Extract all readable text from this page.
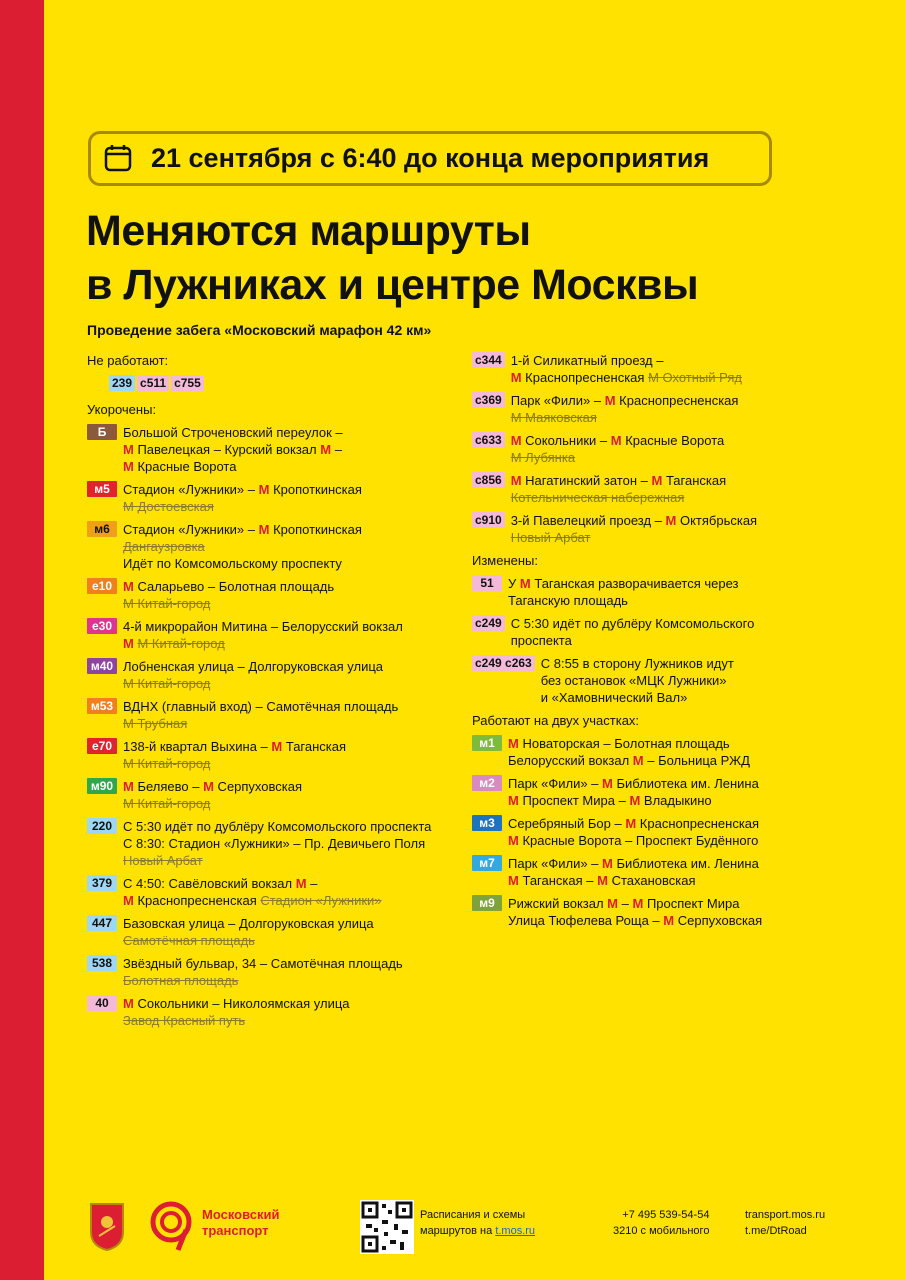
21 сентября с 6:40 до конца мероприятия
Меняются маршруты
в Лужниках и центре Москвы
Проведение забега «Московский марафон 42 км»
Не работают:
239 с511 с755
Укорочены:
Б	Большой Строченовский переулок –
М Павелецкая – Курский вокзал М –
М Красные Ворота
м5	Стадион «Лужники» – М Кропоткинская
М Достоевская
м6	Стадион «Лужники» – М Кропоткинская
Дангаузровка
Идёт по Комсомольскому проспекту
е10 М Саларьево – Болотная площадь
М Китай-город
е30 4-й микрорайон Митина – Белорусский вокзал
М М Китай-город
м40 Лобненская улица – Долгоруковская улица
М Китай-город
м53 ВДНХ (главный вход) – Самотёчная площадь
М Трубная
е70 138-й квартал Выхина – М Таганская
М Китай-город
м90 М Беляево – М Серпуховская
М Китай-город
220 С 5:30 идёт по дублёру Комсомольского проспекта
С 8:30: Стадион «Лужники» – Пр. Девичьего Поля
Новый Арбат
379 С 4:50: Савёловский вокзал М –
М Краснопресненская Стадион «Лужники»
447 Базовская улица – Долгоруковская улица
Самотёчная площадь
538 Звёздный бульвар, 34 – Самотёчная площадь
Болотная площадь
40	М Сокольники – Николоямская улица
Завод Красный путь
с344 1-й Силикатный проезд –
М Краснопресненская М Охотный Ряд
с369 Парк «Фили» – М Краснопресненская
М Маяковская
с633 М Сокольники – М Красные Ворота
М Лубянка
с856 М Нагатинский затон – М Таганская
Котельническая набережная
с910 3-й Павелецкий проезд – М Октябрьская
Новый Арбат
Изменены:
51	У М Таганская разворачивается через
Таганскую площадь
с249 С 5:30 идёт по дублёру Комсомольского
проспекта
с249 с263 С 8:55 в сторону Лужников идут
без остановок «МЦК Лужники»
и «Хамовнический Вал»
Работают на двух участках:
м1	М Новаторская – Болотная площадь
Белорусский вокзал М – Больница РЖД
м2	Парк «Фили» – М Библиотека им. Ленина
М Проспект Мира – М Владыкино
м3	Серебряный Бор – М Краснопресненская
М Красные Ворота – Проспект Будённого
м7	Парк «Фили» – М Библиотека им. Ленина
М Таганская – М Стахановская
м9	Рижский вокзал М – М Проспект Мира
Улица Тюфелева Роща – М Серпуховская
Московский
транспорт
Расписания и схемы
маршрутов на t.mos.ru
+7 495 539-54-54
3210 с мобильного
transport.mos.ru
t.me/DtRoad
